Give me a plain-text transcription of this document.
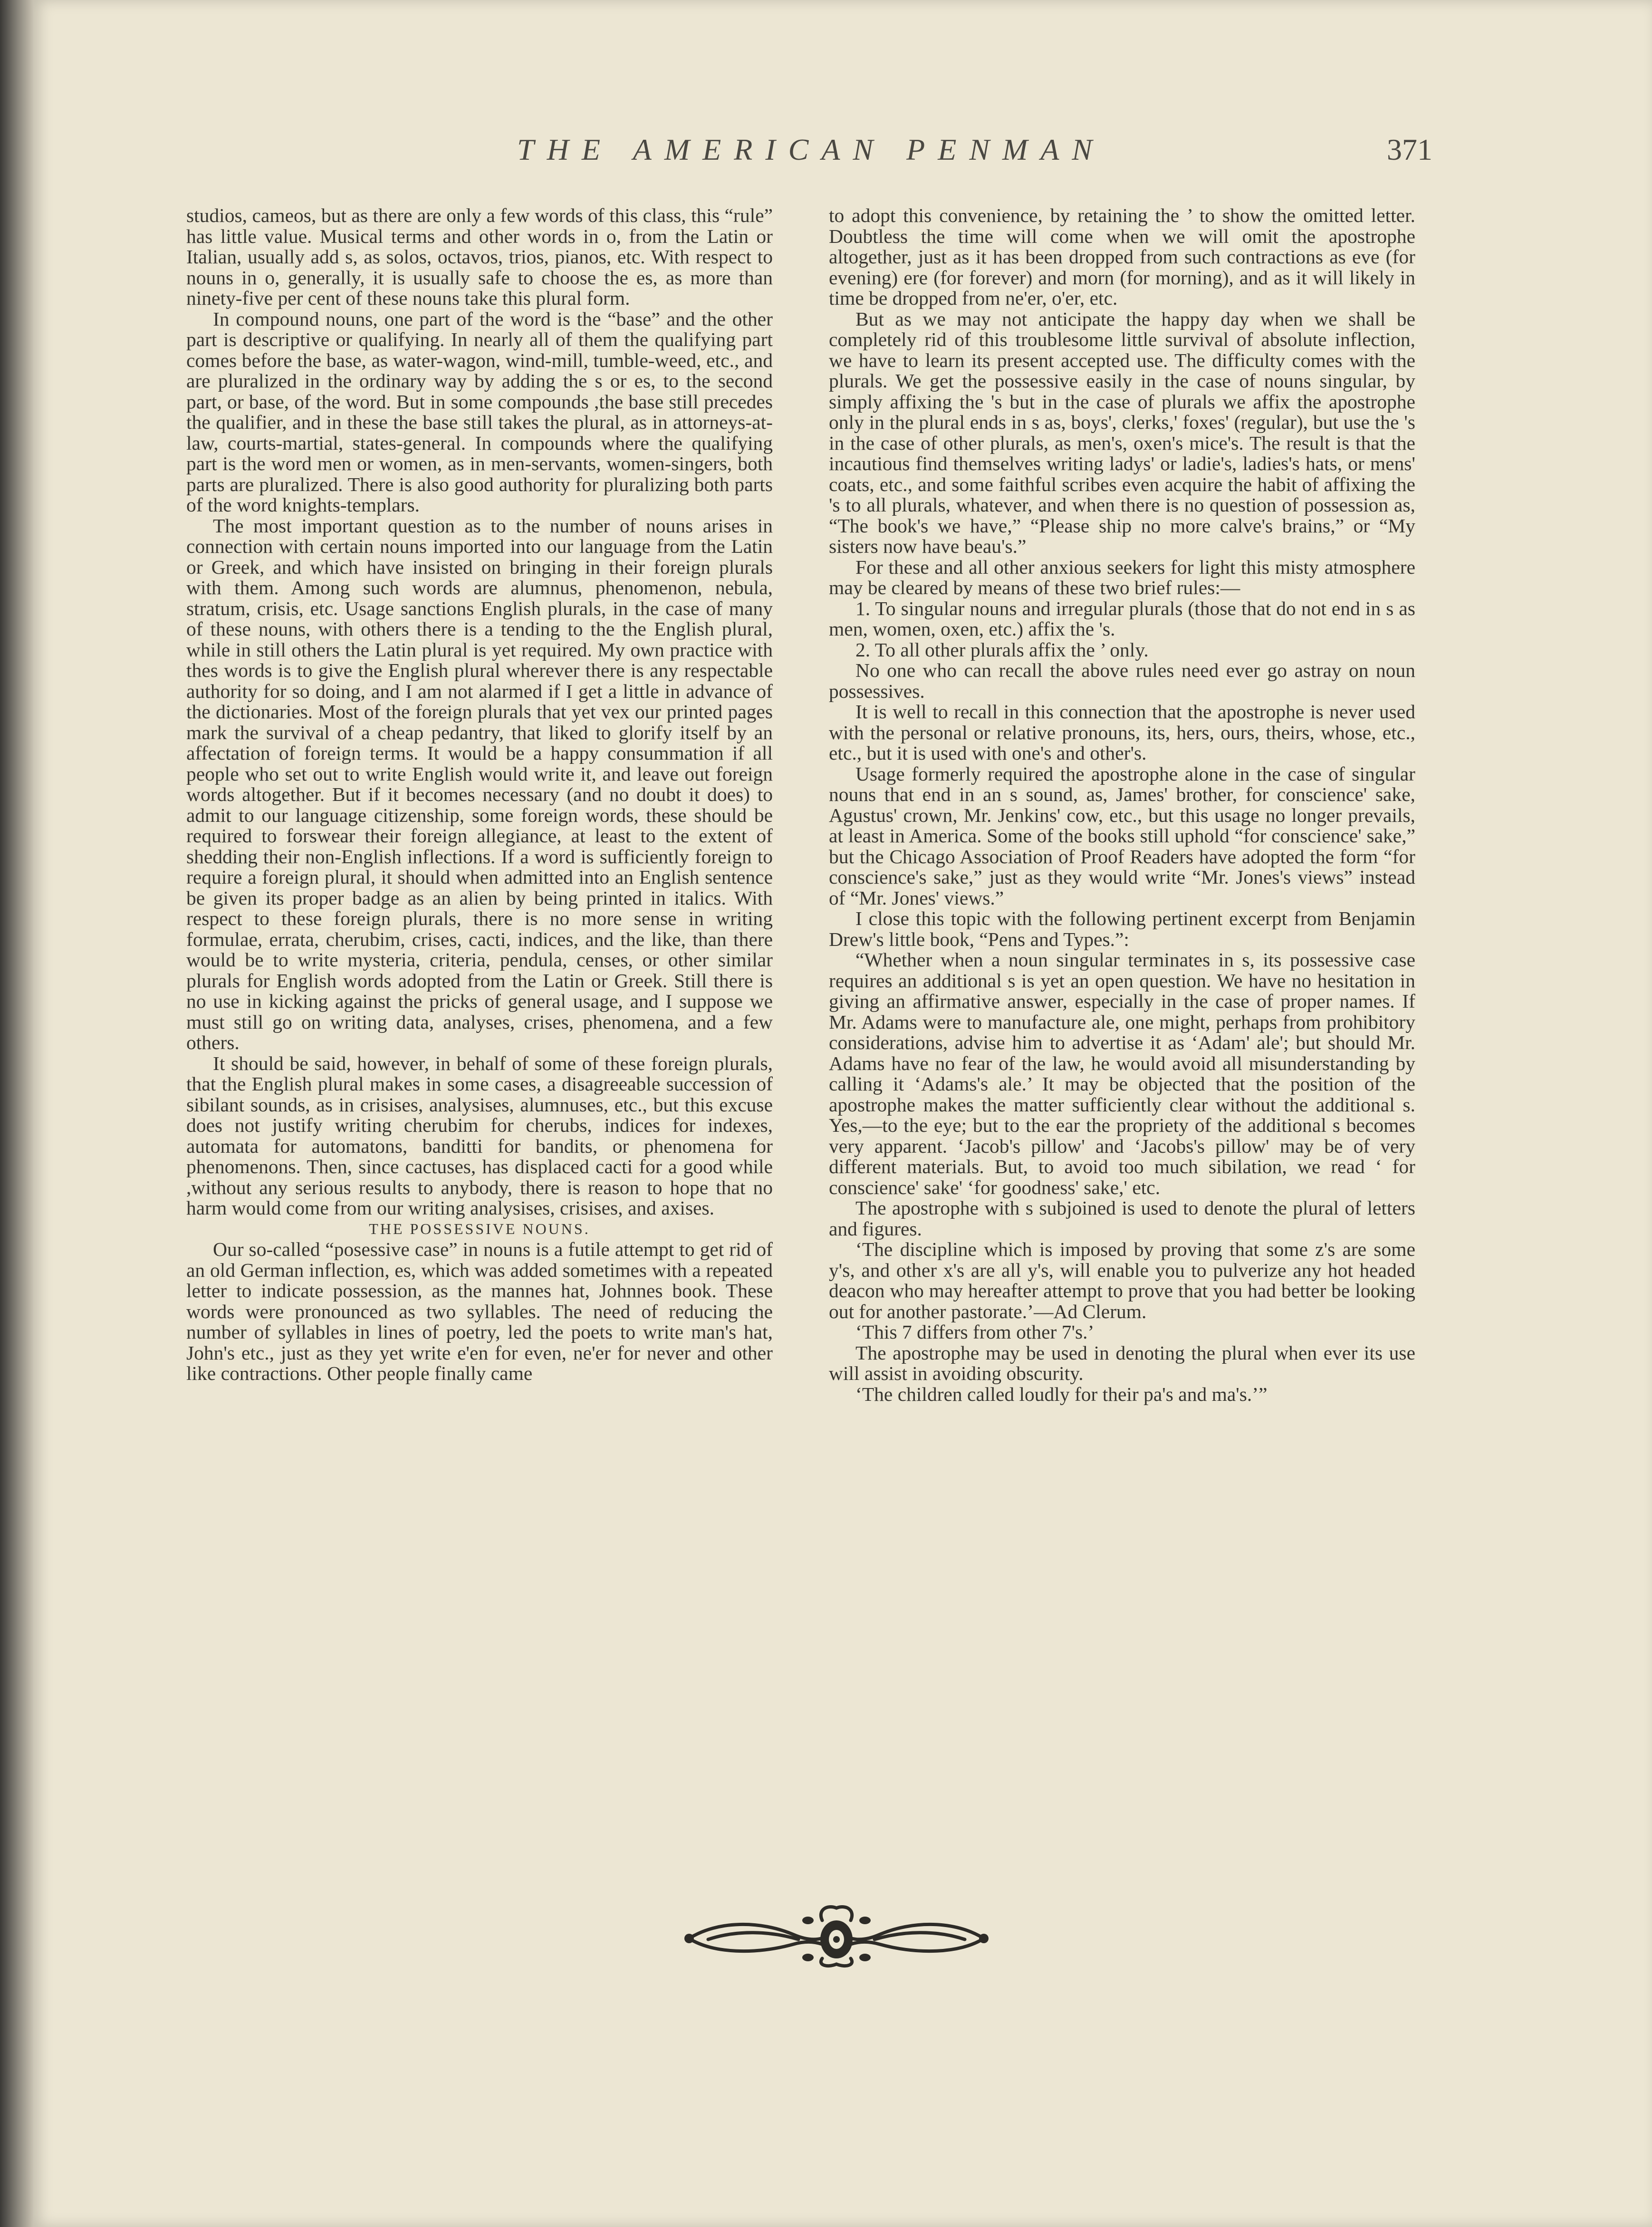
THE AMERICAN PENMAN	371

studios, cameos, but as there are only a few words of this class, this “rule” has little value. Musical terms and other words in o, from the Latin or Italian, usually add s, as solos, octavos, trios, pianos, etc. With respect to nouns in o, generally, it is usually safe to choose the es, as more than ninety-five per cent of these nouns take this plural form.

In compound nouns, one part of the word is the “base” and the other part is descriptive or qualifying. In nearly all of them the qualifying part comes before the base, as water-wagon, wind-mill, tumble-weed, etc., and are pluralized in the ordinary way by adding the s or es, to the second part, or base, of the word. But in some compounds ,the base still precedes the qualifier, and in these the base still takes the plural, as in attorneys-at-law, courts-martial, states-general. In compounds where the qualifying part is the word men or women, as in men-servants, women-singers, both parts are pluralized. There is also good authority for pluralizing both parts of the word knights-templars.

The most important question as to the number of nouns arises in connection with certain nouns imported into our language from the Latin or Greek, and which have insisted on bringing in their foreign plurals with them. Among such words are alumnus, phenomenon, nebula, stratum, crisis, etc. Usage sanctions English plurals, in the case of many of these nouns, with others there is a tending to the the English plural, while in still others the Latin plural is yet required. My own practice with thes words is to give the English plural wherever there is any respectable authority for so doing, and I am not alarmed if I get a little in advance of the dictionaries. Most of the foreign plurals that yet vex our printed pages mark the survival of a cheap pedantry, that liked to glorify itself by an affectation of foreign terms. It would be a happy consummation if all people who set out to write English would write it, and leave out foreign words altogether. But if it becomes necessary (and no doubt it does) to admit to our language citizenship, some foreign words, these should be required to forswear their foreign allegiance, at least to the extent of shedding their non-English inflections. If a word is sufficiently foreign to require a foreign plural, it should when admitted into an English sentence be given its proper badge as an alien by being printed in italics. With respect to these foreign plurals, there is no more sense in writing formulae, errata, cherubim, crises, cacti, indices, and the like, than there would be to write mysteria, criteria, pendula, censes, or other similar plurals for English words adopted from the Latin or Greek. Still there is no use in kicking against the pricks of general usage, and I suppose we must still go on writing data, analyses, crises, phenomena, and a few others.

It should be said, however, in behalf of some of these foreign plurals, that the English plural makes in some cases, a disagreeable succession of sibilant sounds, as in crisises, analysises, alumnuses, etc., but this excuse does not justify writing cherubim for cherubs, indices for indexes, automata for automatons, banditti for bandits, or phenomena for phenomenons. Then, since cactuses, has displaced cacti for a good while ,without any serious results to anybody, there is reason to hope that no harm would come from our writing analysises, crisises, and axises.

THE POSSESSIVE NOUNS.

Our so-called “posessive case” in nouns is a futile attempt to get rid of an old German inflection, es, which was added sometimes with a repeated letter to indicate possession, as the mannes hat, Johnnes book. These words were pronounced as two syllables. The need of reducing the number of syllables in lines of poetry, led the poets to write man's hat, John's etc., just as they yet write e'en for even, ne'er for never and other like contractions. Other people finally came

to adopt this convenience, by retaining the ’ to show the omitted letter. Doubtless the time will come when we will omit the apostrophe altogether, just as it has been dropped from such contractions as eve (for evening) ere (for forever) and morn (for morning), and as it will likely in time be dropped from ne'er, o'er, etc.

But as we may not anticipate the happy day when we shall be completely rid of this troublesome little survival of absolute inflection, we have to learn its present accepted use. The difficulty comes with the plurals. We get the possessive easily in the case of nouns singular, by simply affixing the 's but in the case of plurals we affix the apostrophe only in the plural ends in s as, boys', clerks,' foxes' (regular), but use the 's in the case of other plurals, as men's, oxen's mice's. The result is that the incautious find themselves writing ladys' or ladie's, ladies's hats, or mens' coats, etc., and some faithful scribes even acquire the habit of affixing the 's to all plurals, whatever, and when there is no question of possession as, “The book's we have,” “Please ship no more calve's brains,” or “My sisters now have beau's.”

For these and all other anxious seekers for light this misty atmosphere may be cleared by means of these two brief rules:—

1. To singular nouns and irregular plurals (those that do not end in s as men, women, oxen, etc.) affix the 's.

2. To all other plurals affix the ’ only.

No one who can recall the above rules need ever go astray on noun possessives.

It is well to recall in this connection that the apostrophe is never used with the personal or relative pronouns, its, hers, ours, theirs, whose, etc., etc., but it is used with one's and other's.

Usage formerly required the apostrophe alone in the case of singular nouns that end in an s sound, as, James' brother, for conscience' sake, Agustus' crown, Mr. Jenkins' cow, etc., but this usage no longer prevails, at least in America. Some of the books still uphold “for conscience' sake,” but the Chicago Association of Proof Readers have adopted the form “for conscience's sake,” just as they would write “Mr. Jones's views” instead of “Mr. Jones' views.”

I close this topic with the following pertinent excerpt from Benjamin Drew's little book, “Pens and Types.”:

“Whether when a noun singular terminates in s, its possessive case requires an additional s is yet an open question. We have no hesitation in giving an affirmative answer, especially in the case of proper names. If Mr. Adams were to manufacture ale, one might, perhaps from prohibitory considerations, advise him to advertise it as ‘Adam' ale'; but should Mr. Adams have no fear of the law, he would avoid all misunderstanding by calling it ‘Adams's ale.’ It may be objected that the position of the apostrophe makes the matter sufficiently clear without the additional s. Yes,—to the eye; but to the ear the propriety of the additional s becomes very apparent. ‘Jacob's pillow' and ‘Jacobs's pillow' may be of very different materials. But, to avoid too much sibilation, we read ‘ for conscience' sake' ‘for goodness' sake,' etc.

The apostrophe with s subjoined is used to denote the plural of letters and figures.

‘The discipline which is imposed by proving that some z's are some y's, and other x's are all y's, will enable you to pulverize any hot headed deacon who may hereafter attempt to prove that you had better be looking out for another pastorate.’—Ad Clerum.

‘This 7 differs from other 7's.’

The apostrophe may be used in denoting the plural when ever its use will assist in avoiding obscurity.

‘The children called loudly for their pa's and ma's.’”
